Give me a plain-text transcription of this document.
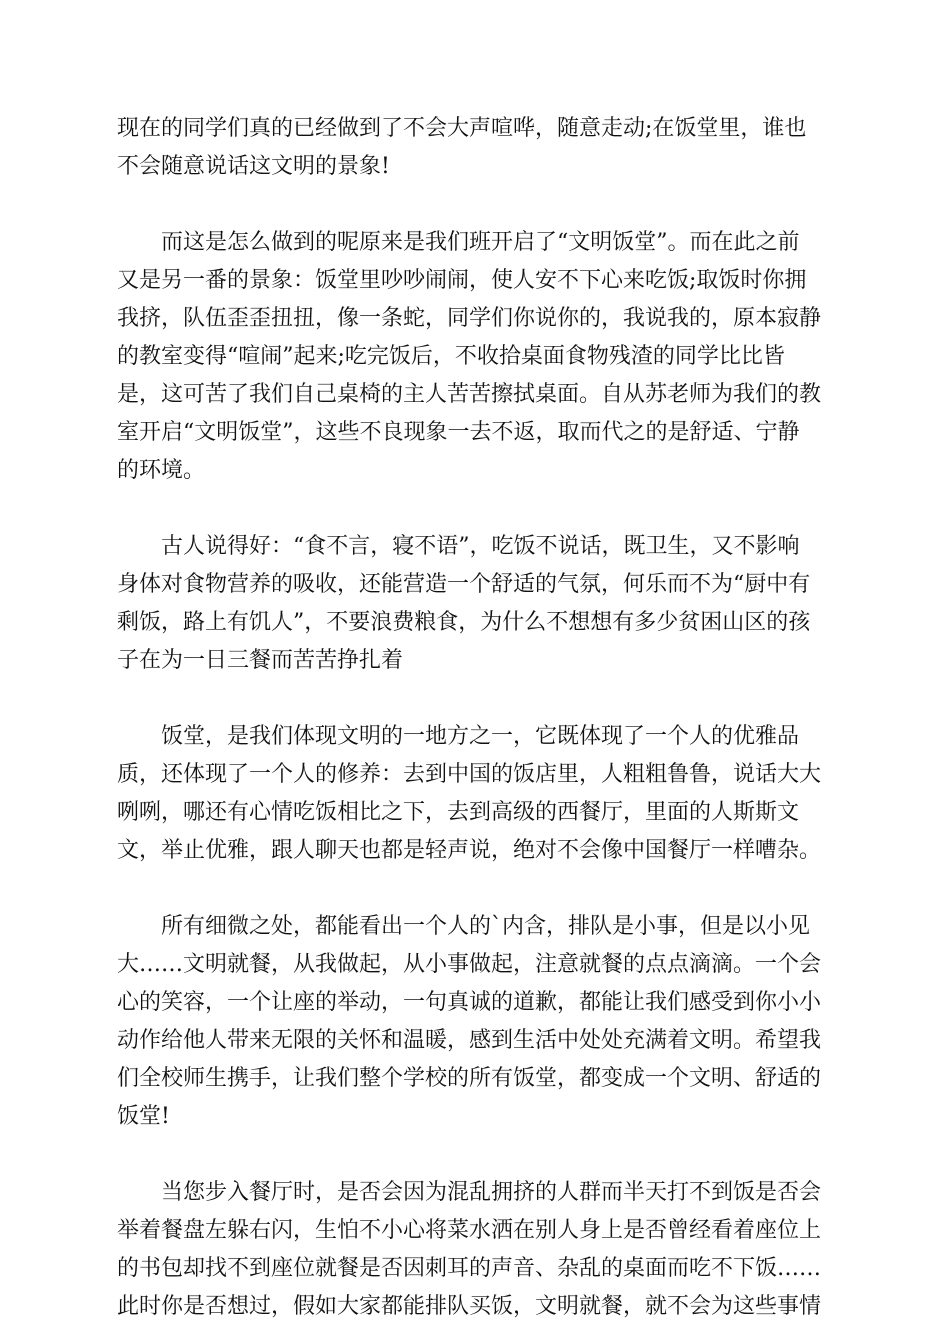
现在的同学们真的已经做到了不会大声喧哗，随意走动;在饭堂里，谁也
不会随意说话这文明的景象!
而这是怎么做到的呢原来是我们班开启了“文明饭堂”。而在此之前
又是另一番的景象：饭堂里吵吵闹闹，使人安不下心来吃饭;取饭时你拥
我挤，队伍歪歪扭扭，像一条蛇，同学们你说你的，我说我的，原本寂静
的教室变得“喧闹”起来;吃完饭后，不收拾桌面食物残渣的同学比比皆
是，这可苦了我们自己桌椅的主人苦苦擦拭桌面。自从苏老师为我们的教
室开启“文明饭堂”，这些不良现象一去不返，取而代之的是舒适、宁静
的环境。
古人说得好：“食不言，寝不语”，吃饭不说话，既卫生，又不影响
身体对食物营养的吸收，还能营造一个舒适的气氛，何乐而不为“厨中有
剩饭，路上有饥人”，不要浪费粮食，为什么不想想有多少贫困山区的孩
子在为一日三餐而苦苦挣扎着
饭堂，是我们体现文明的一地方之一，它既体现了一个人的优雅品
质，还体现了一个人的修养：去到中国的饭店里，人粗粗鲁鲁，说话大大
咧咧，哪还有心情吃饭相比之下，去到高级的西餐厅，里面的人斯斯文
文，举止优雅，跟人聊天也都是轻声说，绝对不会像中国餐厅一样嘈杂。
所有细微之处，都能看出一个人的`内含，排队是小事，但是以小见
大……文明就餐，从我做起，从小事做起，注意就餐的点点滴滴。一个会
心的笑容，一个让座的举动，一句真诚的道歉，都能让我们感受到你小小
动作给他人带来无限的关怀和温暖，感到生活中处处充满着文明。希望我
们全校师生携手，让我们整个学校的所有饭堂，都变成一个文明、舒适的
饭堂!
当您步入餐厅时，是否会因为混乱拥挤的人群而半天打不到饭是否会
举着餐盘左躲右闪，生怕不小心将菜水洒在别人身上是否曾经看着座位上
的书包却找不到座位就餐是否因刺耳的声音、杂乱的桌面而吃不下饭……
此时你是否想过，假如大家都能排队买饭，文明就餐，就不会为这些事情
